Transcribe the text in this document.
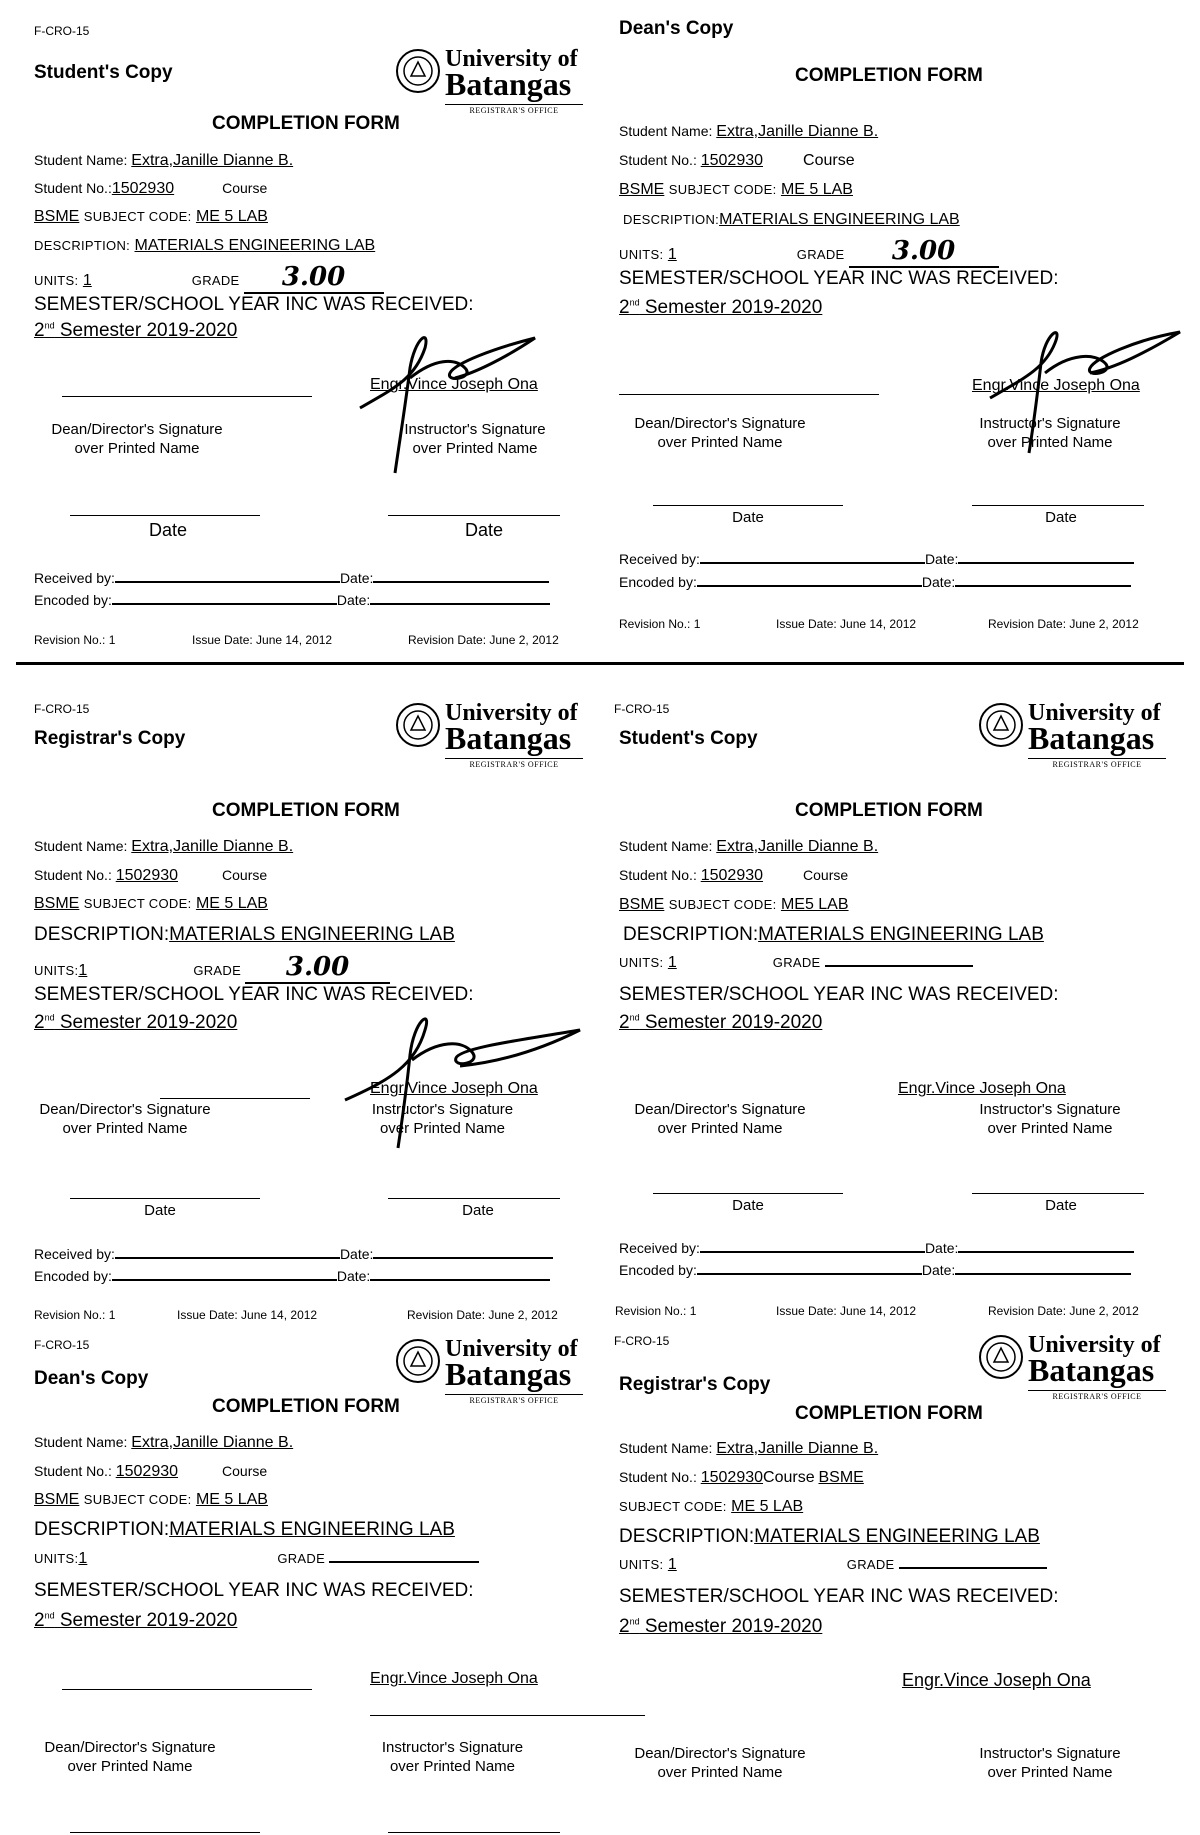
F-CRO-15
Student's Copy
University of
Batangas
REGISTRAR'S OFFICE
COMPLETION FORM
Student Name: Extra,Janille Dianne B.
Student No.:1502930	Course
BSME SUBJECT CODE: ME 5 LAB
DESCRIPTION: MATERIALS ENGINEERING LAB
UNITS: 1	GRADE 3.00
SEMESTER/SCHOOL YEAR INC WAS RECEIVED:
2nd Semester 2019-2020
Engr.Vince Joseph Ona
Dean/Director's Signature
over Printed Name
Instructor's Signature
over Printed Name
Date	Date
Received by:	Date:
Encoded by:	Date:
Revision No.: 1	Issue Date: June 14, 2012	Revision Date: June 2, 2012
Dean's Copy
COMPLETION FORM
Student Name: Extra,Janille Dianne B.
Student No.: 1502930	Course
BSME SUBJECT CODE: ME 5 LAB
DESCRIPTION:MATERIALS ENGINEERING LAB
UNITS: 1	GRADE 3.00
SEMESTER/SCHOOL YEAR INC WAS RECEIVED:
2nd Semester 2019-2020
Engr.Vince Joseph Ona
Dean/Director's Signature
over Printed Name
Instructor's Signature
over Printed Name
Date	Date
Received by:	Date:
Encoded by:	Date:
Revision No.: 1	Issue Date: June 14, 2012	Revision Date: June 2, 2012
F-CRO-15
Registrar's Copy
University of
Batangas
REGISTRAR'S OFFICE
COMPLETION FORM
Student Name: Extra,Janille Dianne B.
Student No.: 1502930	Course
BSME SUBJECT CODE: ME 5 LAB
DESCRIPTION:MATERIALS ENGINEERING LAB
UNITS:1	GRADE 3.00
SEMESTER/SCHOOL YEAR INC WAS RECEIVED:
2nd Semester 2019-2020
Engr.Vince Joseph Ona
Dean/Director's Signature
over Printed Name
Instructor's Signature
over Printed Name
Date	Date
Received by:	Date:
Encoded by:	Date:
Revision No.: 1	Issue Date: June 14, 2012	Revision Date: June 2, 2012
F-CRO-15
Student's Copy
University of
Batangas
REGISTRAR'S OFFICE
COMPLETION FORM
Student Name: Extra,Janille Dianne B.
Student No.: 1502930	Course
BSME SUBJECT CODE: ME5 LAB
DESCRIPTION:MATERIALS ENGINEERING LAB
UNITS: 1	GRADE
SEMESTER/SCHOOL YEAR INC WAS RECEIVED:
2nd Semester 2019-2020
Engr.Vince Joseph Ona
Dean/Director's Signature
over Printed Name
Instructor's Signature
over Printed Name
Date	Date
Received by:	Date:
Encoded by:	Date:
Revision No.: 1	Issue Date: June 14, 2012	Revision Date: June 2, 2012
F-CRO-15
Dean's Copy
University of
Batangas
REGISTRAR'S OFFICE
COMPLETION FORM
Student Name: Extra,Janille Dianne B.
Student No.: 1502930	Course
BSME SUBJECT CODE: ME 5 LAB
DESCRIPTION:MATERIALS ENGINEERING LAB
UNITS:1	GRADE
SEMESTER/SCHOOL YEAR INC WAS RECEIVED:
2nd Semester 2019-2020
Engr.Vince Joseph Ona
Dean/Director's Signature
over Printed Name
Instructor's Signature
over Printed Name
F-CRO-15
Registrar's Copy
University of
Batangas
REGISTRAR'S OFFICE
COMPLETION FORM
Student Name: Extra,Janille Dianne B.
Student No.: 1502930Course BSME
SUBJECT CODE: ME 5 LAB
DESCRIPTION:MATERIALS ENGINEERING LAB
UNITS: 1	GRADE
SEMESTER/SCHOOL YEAR INC WAS RECEIVED:
2nd Semester 2019-2020
Engr.Vince Joseph Ona
Dean/Director's Signature
over Printed Name
Instructor's Signature
over Printed Name
